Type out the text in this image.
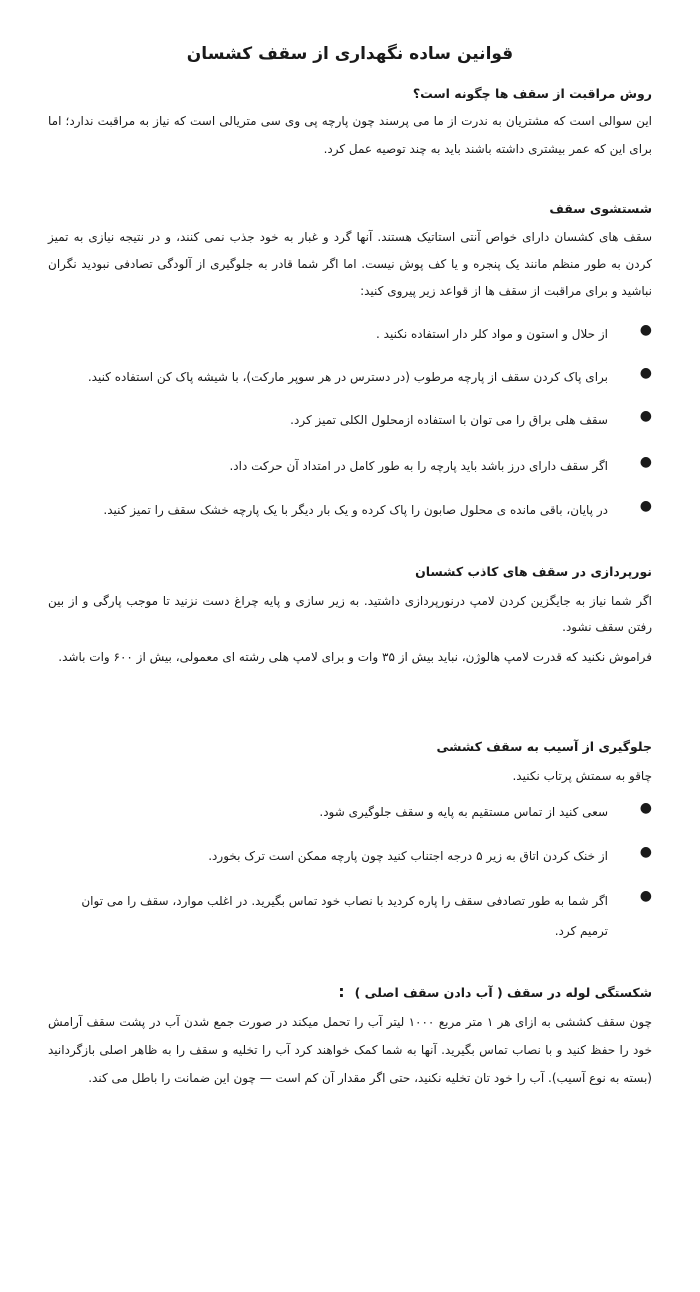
قوانین ساده نگهداری از سقف کشسان
روش مراقبت از سقف ها چگونه است؟

این سوالی است که مشتریان به ندرت از ما می پرسند چون پارچه پی وی سی متریالی است که نیاز به مراقبت ندارد؛ اما برای این که عمر بیشتری داشته باشند باید به چند توصیه عمل کرد.

شستشوی سقف

سقف های کشسان دارای خواص آنتی استاتیک هستند. آنها گرد و غبار به خود جذب نمی کنند، و در نتیجه نیازی به تمیز کردن به طور منظم مانند یک پنجره و یا کف پوش نیست. اما اگر شما قادر به جلوگیری از آلودگی تصادفی نبودید نگران نباشید و برای مراقبت از سقف ها از قواعد زیر پیروی کنید:

●
از حلال و استون و مواد کلر دار استفاده نکنید .
●
برای پاک کردن سقف از پارچه مرطوب (در دسترس در هر سوپر مارکت)، با شیشه پاک کن استفاده کنید.
●
سقف هلی براق را می توان با استفاده ازمحلول الکلی تمیز کرد.
●
اگر سقف دارای درز باشد باید پارچه را به طور کامل در امتداد آن حرکت داد.
●
در پایان، باقی مانده ی محلول صابون را پاک کرده و یک بار دیگر با یک پارچه خشک سقف را تمیز کنید.
نورپردازی در سقف های کاذب کشسان

اگر شما نیاز به جایگزین کردن لامپ درنورپردازی داشتید. به زیر سازی و پایه چراغ دست نزنید تا موجب پارگی و از بین رفتن سقف نشود.

فراموش نکنید که قدرت لامپ هالوژن، نباید بیش از ۳۵ وات و برای لامپ هلی رشته ای معمولی، بیش از ۶۰۰ وات باشد.

جلوگیری از آسیب به سقف کششی

چاقو به سمتش پرتاب نکنید.

●
سعی کنید از تماس مستقیم به پایه و سقف جلوگیری شود.
●
از خنک کردن اتاق به زیر ۵ درجه اجتناب کنید چون پارچه ممکن است ترک بخورد.
●
اگر شما به طور تصادفی سقف را پاره کردید با نصاب خود تماس بگیرید. در اغلب موارد، سقف را می توان ترمیم کرد.
شکستگی لوله در سقف ( آب دادن سقف اصلی ):

چون سقف کششی به ازای هر ۱ متر مربع ۱۰۰۰ لیتر آب را تحمل میکند در صورت جمع شدن آب در پشت سقف آرامش خود را حفظ کنید و با نصاب تماس بگیرید. آنها به شما کمک خواهند کرد آب را تخلیه و سقف را به ظاهر اصلی بازگردانید (بسته به نوع آسیب). آب را خود تان تخلیه نکنید، حتی اگر مقدار آن کم است — چون این ضمانت را باطل می کند.
